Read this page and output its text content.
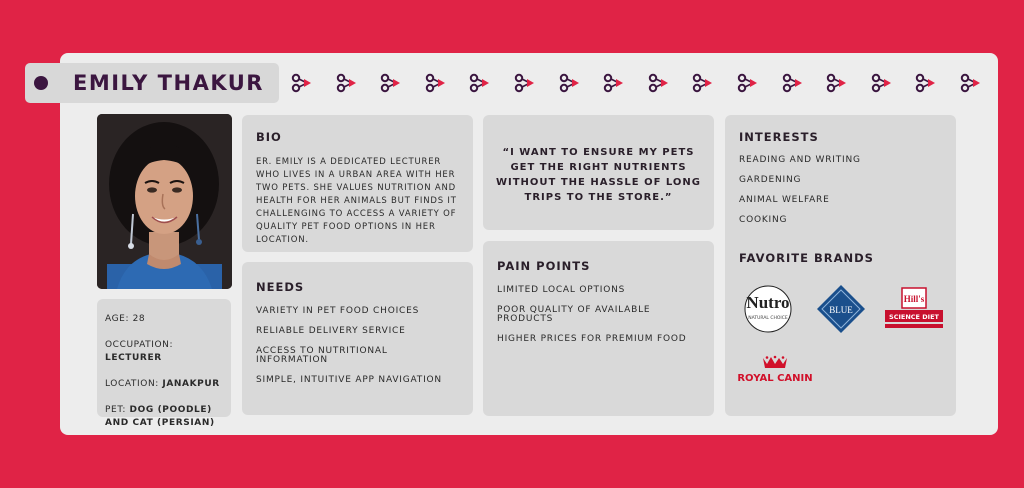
EMILY THAKUR
AGE: 28
OCCUPATION: LECTURER
LOCATION: JANAKPUR
PET: DOG (POODLE) AND CAT (PERSIAN)
BIO

ER. EMILY IS A DEDICATED LECTURER WHO LIVES IN A URBAN AREA WITH HER TWO PETS. SHE VALUES NUTRITION AND HEALTH FOR HER ANIMALS BUT FINDS IT CHALLENGING TO ACCESS A VARIETY OF QUALITY PET FOOD OPTIONS IN HER LOCATION.

NEEDS
VARIETY IN PET FOOD CHOICES
RELIABLE DELIVERY SERVICE
ACCESS TO NUTRITIONAL INFORMATION
SIMPLE, INTUITIVE APP NAVIGATION

“I WANT TO ENSURE MY PETS GET THE RIGHT NUTRIENTS WITHOUT THE HASSLE OF LONG TRIPS TO THE STORE.”

PAIN POINTS
LIMITED LOCAL OPTIONS
POOR QUALITY OF AVAILABLE PRODUCTS
HIGHER PRICES FOR PREMIUM FOOD
INTERESTS
READING AND WRITING
GARDENING
ANIMAL WELFARE
COOKING
FAVORITE BRANDS
Nutro
NATURAL CHOICE
BLUE
Hill's
SCIENCE DIET
ROYAL CANIN
